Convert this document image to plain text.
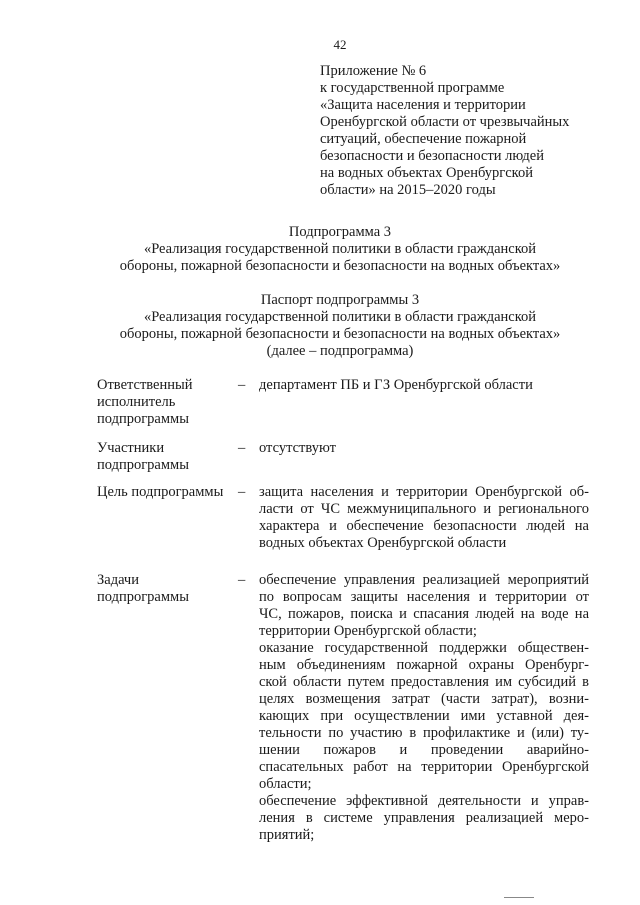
42
Приложение № 6
к государственной программе
«Защита населения и территории
Оренбургской области от чрезвычайных
ситуаций, обеспечение пожарной
безопасности и безопасности людей
на водных объектах Оренбургской
области» на 2015–2020 годы
Подпрограмма 3
«Реализация государственной политики в области гражданской
обороны, пожарной безопасности и безопасности на водных объектах»
Паспорт подпрограммы 3
«Реализация государственной политики в области гражданской
обороны, пожарной безопасности и безопасности на водных объектах»
(далее – подпрограмма)
Ответственный
исполнитель
подпрограммы
– департамент ПБ и ГЗ Оренбургской области
Участники
подпрограммы
– отсутствуют
Цель подпрограммы	– защита населения и территории Оренбургской об-
ласти от ЧС межмуниципального и регионального
характера и обеспечение безопасности людей на
водных объектах Оренбургской области
Задачи
подпрограммы
– обеспечение управления реализацией мероприятий
по вопросам защиты населения и территории от
ЧС, пожаров, поиска и спасания людей на воде на
территории Оренбургской области;
оказание государственной поддержки обществен-
ным объединениям пожарной охраны Оренбург-
ской области путем предоставления им субсидий в
целях возмещения затрат (части затрат), возни-
кающих при осуществлении ими уставной дея-
тельности по участию в профилактике и (или) ту-
шении пожаров и проведении аварийно-
спасательных работ на территории Оренбургской
области;
обеспечение эффективной деятельности и управ-
ления в системе управления реализацией меро-
приятий;
